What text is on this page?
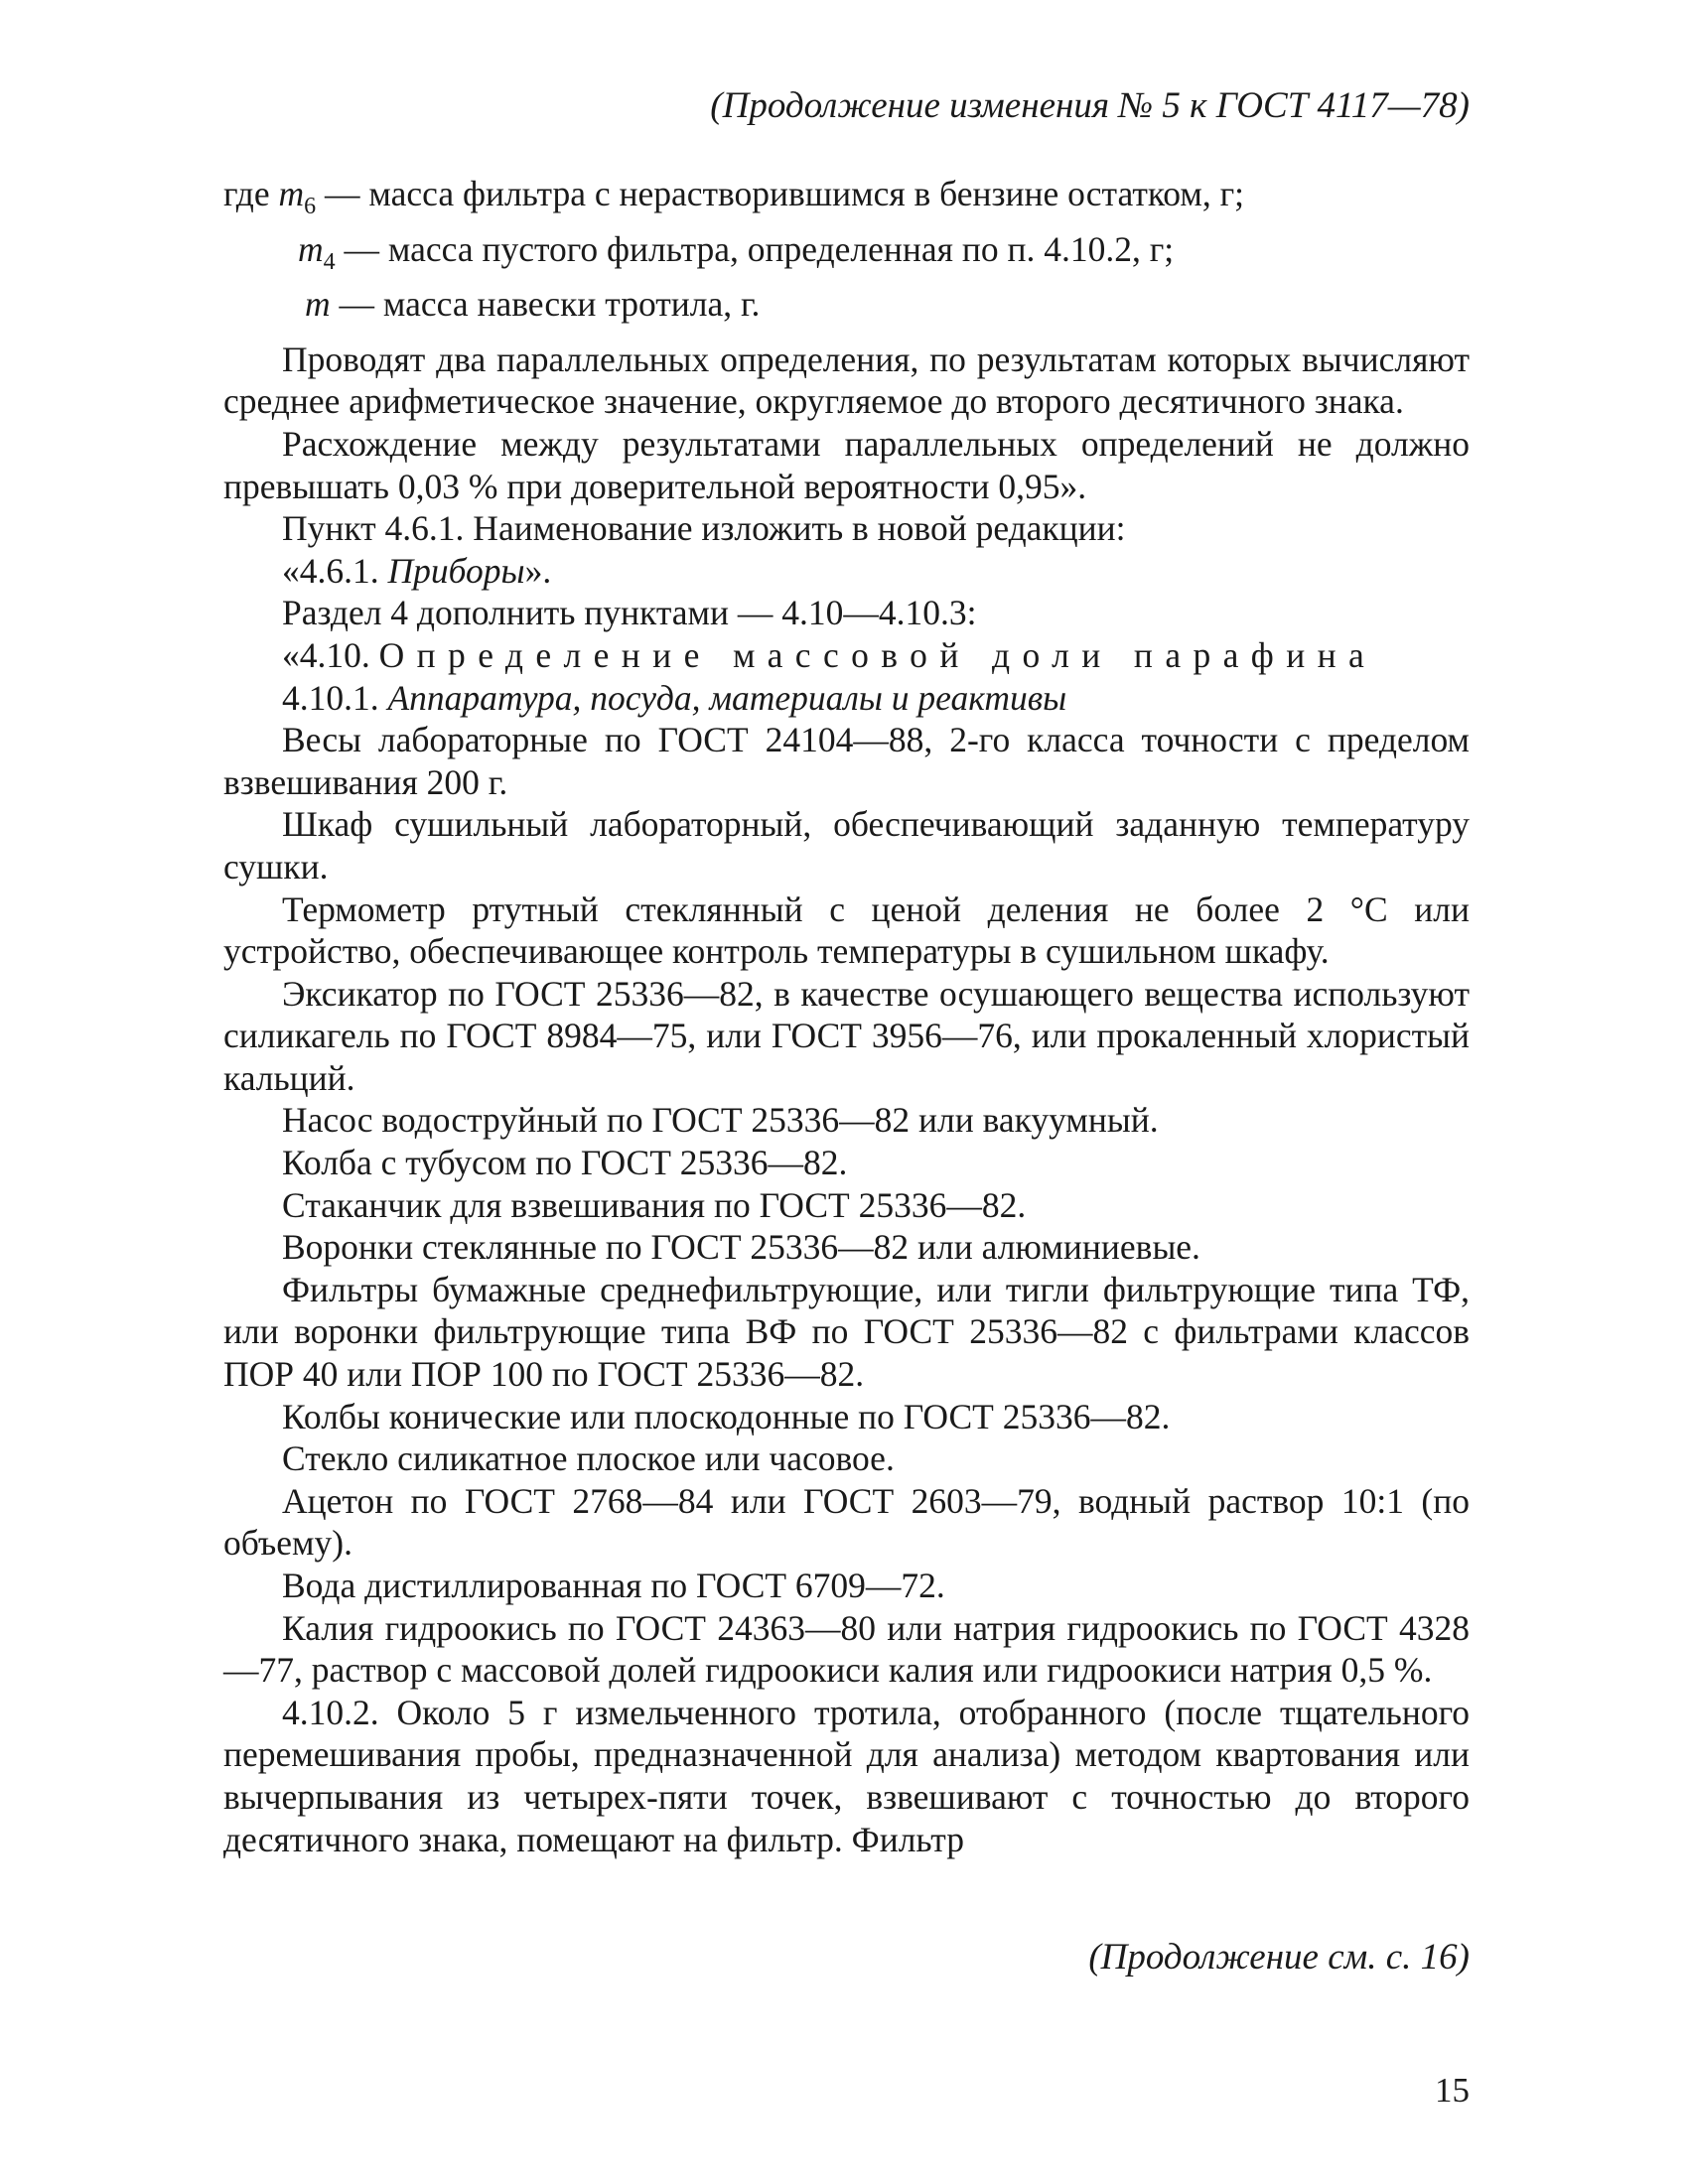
(Продолжение изменения № 5 к ГОСТ 4117—78)

где $m_6$ — масса фильтра с нерастворившимся в бензине остатком, г;

$m_4$ — масса пустого фильтра, определенная по п. 4.10.2, г;

m — масса навески тротила, г.

Проводят два параллельных определения, по результатам которых вычисляют среднее арифметическое значение, округляемое до второго десятичного знака.

Расхождение между результатами параллельных определений не должно превышать 0,03 % при доверительной вероятности 0,95».

Пункт 4.6.1. Наименование изложить в новой редакции:

«4.6.1. Приборы».

Раздел 4 дополнить пунктами — 4.10—4.10.3:

«4.10. Определение массовой доли парафина

4.10.1. Аппаратура, посуда, материалы и реактивы

Весы лабораторные по ГОСТ 24104—88, 2-го класса точности с пределом взвешивания 200 г.

Шкаф сушильный лабораторный, обеспечивающий заданную температуру сушки.

Термометр ртутный стеклянный с ценой деления не более 2 °С или устройство, обеспечивающее контроль температуры в сушильном шкафу.

Эксикатор по ГОСТ 25336—82, в качестве осушающего вещества используют силикагель по ГОСТ 8984—75, или ГОСТ 3956—76, или прокаленный хлористый кальций.

Насос водоструйный по ГОСТ 25336—82 или вакуумный.

Колба с тубусом по ГОСТ 25336—82.

Стаканчик для взвешивания по ГОСТ 25336—82.

Воронки стеклянные по ГОСТ 25336—82 или алюминиевые.

Фильтры бумажные среднефильтрующие, или тигли фильтрующие типа ТФ, или воронки фильтрующие типа ВФ по ГОСТ 25336—82 с фильтрами классов ПОР 40 или ПОР 100 по ГОСТ 25336—82.

Колбы конические или плоскодонные по ГОСТ 25336—82.

Стекло силикатное плоское или часовое.

Ацетон по ГОСТ 2768—84 или ГОСТ 2603—79, водный раствор 10:1 (по объему).

Вода дистиллированная по ГОСТ 6709—72.

Калия гидроокись по ГОСТ 24363—80 или натрия гидроокись по ГОСТ 4328—77, раствор с массовой долей гидроокиси калия или гидроокиси натрия 0,5 %.

4.10.2. Около 5 г измельченного тротила, отобранного (после тщательного перемешивания пробы, предназначенной для анализа) методом квартования или вычерпывания из четырех-пяти точек, взвешивают с точностью до второго десятичного знака, помещают на фильтр. Фильтр

(Продолжение см. с. 16)
15
